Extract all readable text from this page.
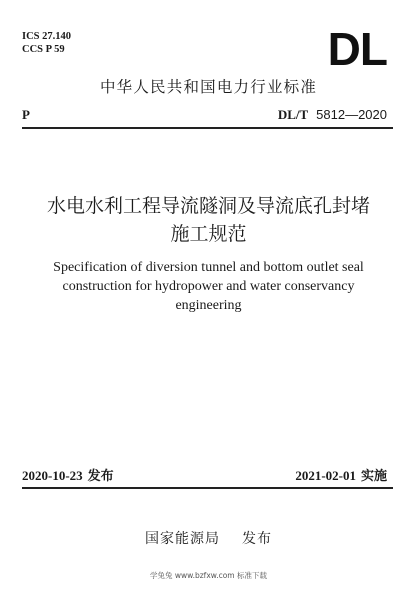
ICS 27.140
CCS P 59	DL
中华人民共和国电力行业标准
P	DL/T 5812—2020
水电水利工程导流隧洞及导流底孔封堵
施工规范
Specification of diversion tunnel and bottom outlet seal
construction for hydropower and water conservancy
engineering
2020-10-23 发布	2021-02-01 实施
国家能源局 发布
学兔兔 www.bzfxw.com 标准下载
